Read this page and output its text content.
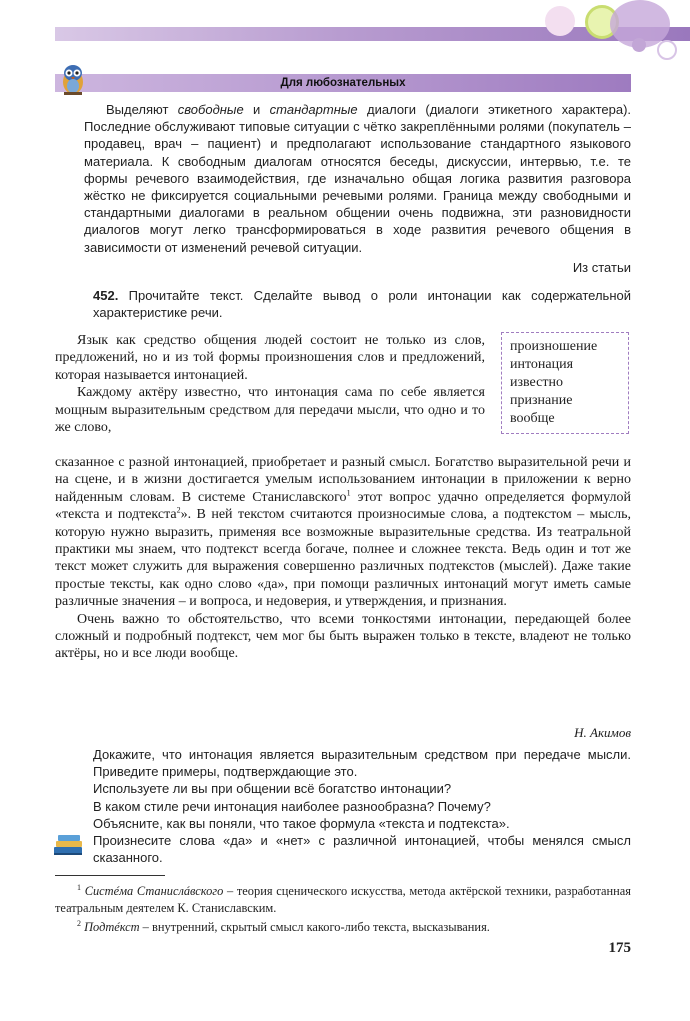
Для любознательных

Выделяют свободные и стандартные диалоги (диалоги этикетного характера). Последние обслуживают типовые ситуации с чётко закреплёнными ролями (покупатель – продавец, врач – пациент) и предполагают использование стандартного языкового материала. К свободным диалогам относятся беседы, дискуссии, интервью, т.е. те формы речевого взаимодействия, где изначально общая логика развития разговора жёстко не фиксируется социальными речевыми ролями. Граница между свободными и стандартными диалогами в реальном общении очень подвижна, эти разновидности диалогов могут легко трансформироваться в ходе развития речевого общения в зависимости от изменений речевой ситуации.

Из статьи
452. Прочитайте текст. Сделайте вывод о роли интонации как содержательной характеристике речи.
произношение
интонация
известно
признание
вообще

Язык как средство общения людей состоит не только из слов, предложений, но и из той формы произношения слов и предложений, которая называется интонацией.

Каждому актёру известно, что интонация сама по себе является мощным выразительным средством для передачи мысли, что одно и то же слово,

сказанное с разной интонацией, приобретает и разный смысл. Богатство выразительной речи и на сцене, и в жизни достигается умелым использованием интонации в приложении к верно найденным словам. В системе Станиславского$^1$ этот вопрос удачно определяется формулой «текста и подтекста$^2$». В ней текстом считаются произносимые слова, а подтекстом – мысль, которую нужно выразить, применяя все возможные выразительные средства. Из театральной практики мы знаем, что подтекст всегда богаче, полнее и сложнее текста. Ведь один и тот же текст может служить для выражения совершенно различных подтекстов (мыслей). Даже такие простые тексты, как одно слово «да», при помощи различных интонаций могут иметь самые различные значения – и вопроса, и недоверия, и утверждения, и признания.

Очень важно то обстоятельство, что всеми тонкостями интонации, передающей более сложный и подробный подтекст, чем мог бы быть выражен только в тексте, владеют не только актёры, но и все люди вообще.

Н. Акимов

Докажите, что интонация является выразительным средством при передаче мысли. Приведите примеры, подтверждающие это.

Используете ли вы при общении всё богатство интонации?

В каком стиле речи интонация наиболее разнообразна? Почему?

Объясните, как вы поняли, что такое формула «текста и подтекста».

Произнесите слова «да» и «нет» с различной интонацией, чтобы менялся смысл сказанного.

$^1$ Систéма Станислáвского – теория сценического искусства, метода актёрской техники, разработанная театральным деятелем К. Станиславским.

$^2$ Подтéкст – внутренний, скрытый смысл какого-либо текста, высказывания.

175
